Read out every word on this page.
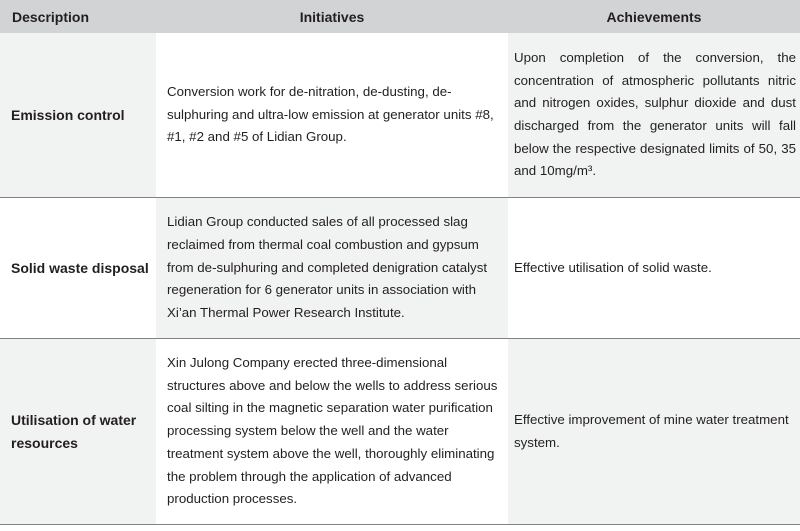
Description	Initiatives	Achievements
Emission control	Conversion work for de-nitration, de-dusting, de-sulphuring and ultra-low emission at generator units #8, #1, #2 and #5 of Lidian Group.	Upon completion of the conversion, the concentration of atmospheric pollutants nitric and nitrogen oxides, sulphur dioxide and dust discharged from the generator units will fall below the respective designated limits of 50, 35 and 10mg/m³.
Solid waste disposal	Lidian Group conducted sales of all processed slag reclaimed from thermal coal combustion and gypsum from de-sulphuring and completed denigration catalyst regeneration for 6 generator units in association with Xi’an Thermal Power Research Institute.	Effective utilisation of solid waste.
Utilisation of water resources	Xin Julong Company erected three-dimensional structures above and below the wells to address serious coal silting in the magnetic separation water purification processing system below the well and the water treatment system above the well, thoroughly eliminating the problem through the application of advanced production processes.	Effective improvement of mine water treatment system.
